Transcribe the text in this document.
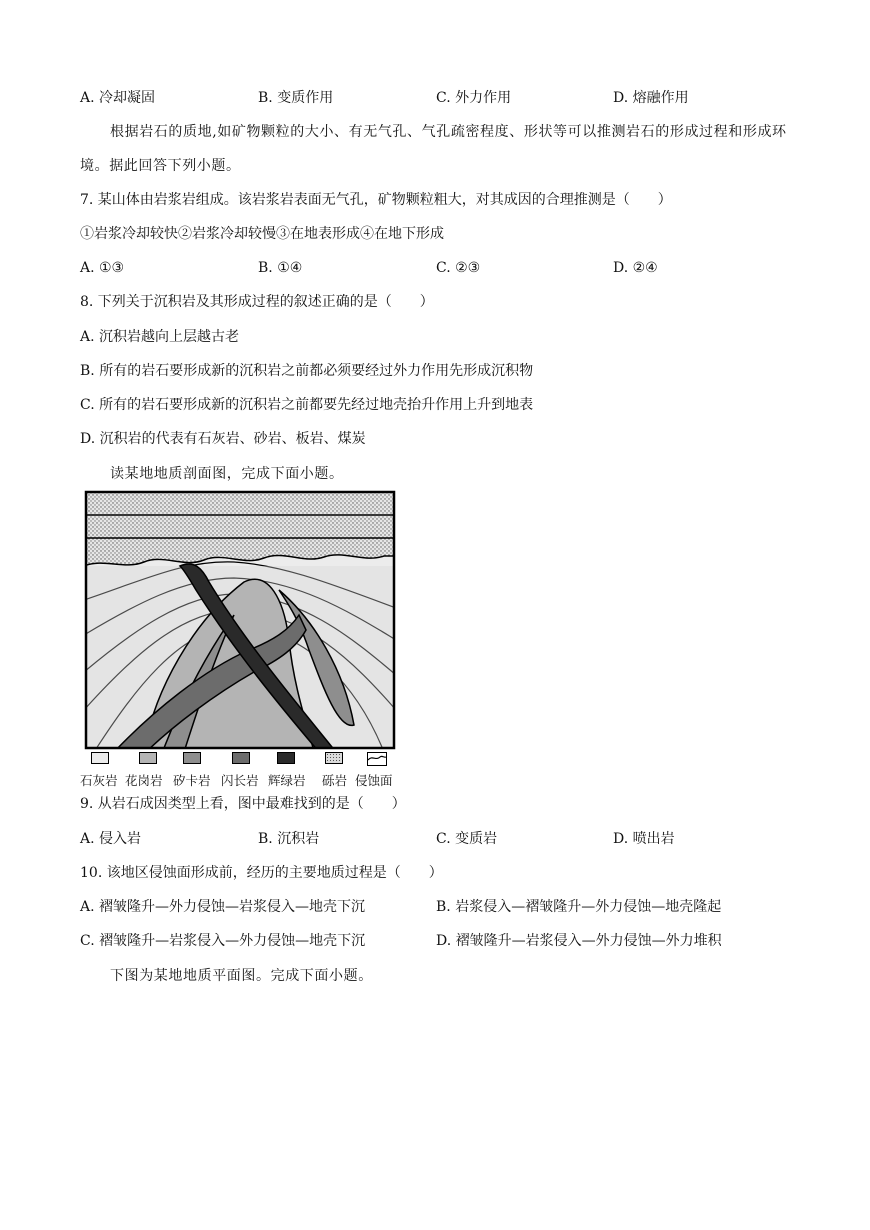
A. 冷却凝固	B. 变质作用	C. 外力作用	D. 熔融作用
根据岩石的质地,如矿物颗粒的大小、有无气孔、气孔疏密程度、形状等可以推测岩石的形成过程和形成环境。据此回答下列小题。
7. 某山体由岩浆岩组成。该岩浆岩表面无气孔，矿物颗粒粗大，对其成因的合理推测是（　　）
①岩浆冷却较快②岩浆冷却较慢③在地表形成④在地下形成
A. ①③	B. ①④	C. ②③	D. ②④
8. 下列关于沉积岩及其形成过程的叙述正确的是（　　）
A. 沉积岩越向上层越古老
B. 所有的岩石要形成新的沉积岩之前都必须要经过外力作用先形成沉积物
C. 所有的岩石要形成新的沉积岩之前都要先经过地壳抬升作用上升到地表
D. 沉积岩的代表有石灰岩、砂岩、板岩、煤炭
读某地地质剖面图，完成下面小题。
石灰岩 花岗岩 矽卡岩 闪长岩 辉绿岩 砾岩 侵蚀面
9. 从岩石成因类型上看，图中最难找到的是（　　）
A. 侵入岩	B. 沉积岩	C. 变质岩	D. 喷出岩
10. 该地区侵蚀面形成前，经历的主要地质过程是（　　）
A. 褶皱隆升—外力侵蚀—岩浆侵入—地壳下沉	B. 岩浆侵入—褶皱隆升—外力侵蚀—地壳隆起
C. 褶皱隆升—岩浆侵入—外力侵蚀—地壳下沉	D. 褶皱隆升—岩浆侵入—外力侵蚀—外力堆积
下图为某地地质平面图。完成下面小题。
